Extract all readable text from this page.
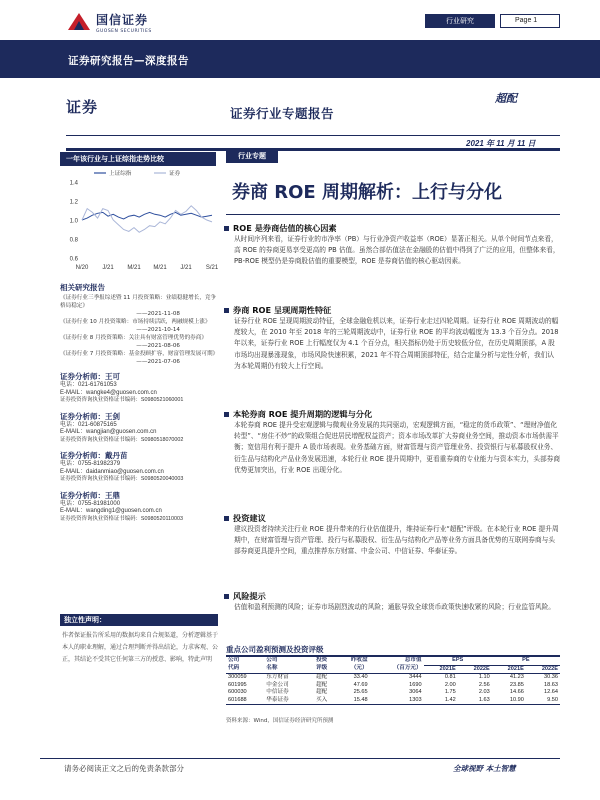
国信证券
GUOSEN SECURITIES
行业研究	Page 1
证券研究报告—深度报告
证券	证券行业专题报告
超配
2021 年 11 月 11 日
一年该行业与上证综指走势比较
1.4
1.2
1.0
0.8
0.6
N/20 J/21 M/21 M/21 J/21 S/21
上证综指	证券
相关研究报告
《证券行业三季报综述暨 11 月投资策略：业绩稳健增长，竞争格局稳定》
——2021-11-08
《证券行业 10 月投资策略：市场持续活跃，两融规模上涨》
——2021-10-14
《证券行业 8 月投资策略：关注具有财富管理优势的券商》
——2021-08-06
《证券行业 7 月投资策略：基金投顾扩容，财富管理发展可期》
——2021-07-06
证券分析师：王可
电话：021-61761053
E-MAIL：wangke4@guosen.com.cn
证券投资咨询执业资格证书编码：S0980521060001
证券分析师：王剑
电话：021-60875165
E-MAIL：wangjian@guosen.com.cn
证券投资咨询执业资格证书编码：S0980518070002
证券分析师：戴丹苗
电话：0755-81982379
E-MAIL：daidanmiao@guosen.com.cn
证券投资咨询执业资格证书编码：S0980520040003
证券分析师：王鼎
电话：0755-81981000
E-MAIL：wangding1@guosen.com.cn
证券投资咨询执业资格证书编码：S0980520110003
独立性声明：
作者保证报告所采用的数据均来自合规渠道，分析逻辑基于本人的职业理解，通过合理判断并得出结论，力求客观、公正，其结论不受其它任何第三方的授意、影响，特此声明
行业专题
券商 ROE 周期解析：上行与分化
ROE 是券商估值的核心因素
从时间序列来看，证券行业的市净率（PB）与行业净资产收益率（ROE）显著正相关。从单个时间节点来看，高 ROE 的券商更易享受更高的 PB 估值。虽然合部估值法在金融股的估值中得到了广泛的应用，但整体来看，PB-ROE 模型仍是券商股估值的重要模型，ROE 是券商估值的核心驱动因素。
券商 ROE 呈现周期性特征
证券行业 ROE 呈现周期波动特征，全球金融危机以来，证券行业走过四轮周期。证券行业 ROE 周期波动的幅度较大，在 2010 年至 2018 年的三轮周期波动中，证券行业 ROE 的平均波动幅度为 13.3 个百分点。2018 年以来，证券行业 ROE 上行幅度仅为 4.1 个百分点，相关指标仍处于历史较低分位，在历史周期顶部，A 股市场均出现暴涨现象，市场风险快速积累，2021 年不符合周期顶部特征，结合定量分析与定性分析，我们认为本轮周期仍有较大上行空间。
本轮券商 ROE 提升周期的逻辑与分化
本轮券商 ROE 提升受宏观逻辑与微观业务发展的共同驱动，宏观逻辑方面，“稳定的货币政策”、“理财净值化转型”、“房住不炒”的政策组合促进居民增配权益资产；资本市场改革扩大券商业务空间，推动资本市场供需平衡；宽信用有利于提升 A 股市场表现。业务基础方面，财富管理与资产管理业务、投资银行与私募股权业务、衍生品与结构化产品业务发展迅速，本轮行业 ROE 提升周期中，更看重券商的专业能力与资本实力，头部券商优势更加突出，行业 ROE 出现分化。
投资建议
建议投资者持续关注行业 ROE 提升带来的行业估值提升，维持证券行业“超配”评级。在本轮行业 ROE 提升周期中，在财富管理与资产管理、投行与私募股权、衍生品与结构化产品等业务方面具备优势的互联网券商与头部券商更具提升空间，重点推荐东方财富、中金公司、中信证券、华泰证券。
风险提示
估值和盈利预测的风险；证券市场剧烈波动的风险；通胀导致全球货币政策快速收紧的风险；行业监管风险。
重点公司盈利预测及投资评级
公司	公司	投资	昨收盘	总市值	EPS		PE	
代码	名称	评级	（元）	（百万元）	2021E	2022E	2021E	2022E
300059	东方财富	超配	33.40	3444	0.81	1.10	41.23	30.36
601995	中金公司	超配	47.69	1690	2.00	2.56	23.85	18.63
600030	中信证券	超配	25.65	3064	1.75	2.03	14.66	12.64
601688	华泰证券	买入	15.48	1303	1.42	1.63	10.90	9.50
资料来源：Wind，国信证券经济研究所预测
请务必阅读正文之后的免责条款部分	全球视野 本土智慧
